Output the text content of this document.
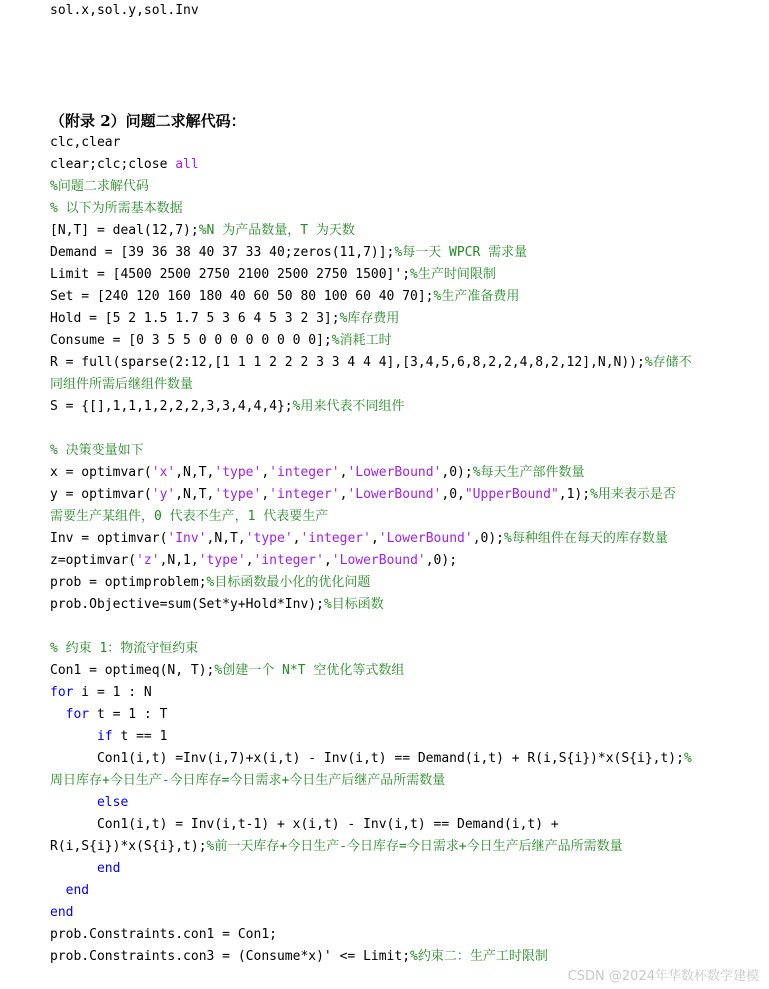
sol.x,sol.y,sol.Inv
（附录 2）问题二求解代码：
clc,clear
clear;clc;close all
%问题二求解代码
% 以下为所需基本数据
[N,T] = deal(12,7);%N 为产品数量，T 为天数
Demand = [39 36 38 40 37 33 40;zeros(11,7)];%每一天 WPCR 需求量
Limit = [4500 2500 2750 2100 2500 2750 1500]';%生产时间限制
Set = [240 120 160 180 40 60 50 80 100 60 40 70];%生产准备费用
Hold = [5 2 1.5 1.7 5 3 6 4 5 3 2 3];%库存费用
Consume = [0 3 5 5 0 0 0 0 0 0 0 0];%消耗工时
R = full(sparse(2:12,[1 1 1 2 2 2 3 3 4 4 4],[3,4,5,6,8,2,2,4,8,2,12],N,N));%存储不
同组件所需后继组件数量
S = {[],1,1,1,2,2,2,3,3,4,4,4};%用来代表不同组件
% 决策变量如下
x = optimvar('x',N,T,'type','integer','LowerBound',0);%每天生产部件数量
y = optimvar('y',N,T,'type','integer','LowerBound',0,"UpperBound",1);%用来表示是否
需要生产某组件，0 代表不生产，1 代表要生产
Inv = optimvar('Inv',N,T,'type','integer','LowerBound',0);%每种组件在每天的库存数量
z=optimvar('z',N,1,'type','integer','LowerBound',0);
prob = optimproblem;%目标函数最小化的优化问题
prob.Objective=sum(Set*y+Hold*Inv);%目标函数
% 约束 1：物流守恒约束
Con1 = optimeq(N, T);%创建一个 N*T 空优化等式数组
for i = 1 : N
for t = 1 : T
if t == 1
Con1(i,t) =Inv(i,7)+x(i,t) - Inv(i,t) == Demand(i,t) + R(i,S{i})*x(S{i},t);%
周日库存+今日生产-今日库存=今日需求+今日生产后继产品所需数量
else
Con1(i,t) = Inv(i,t-1) + x(i,t) - Inv(i,t) == Demand(i,t) +
R(i,S{i})*x(S{i},t);%前一天库存+今日生产-今日库存=今日需求+今日生产后继产品所需数量
end
end
end
prob.Constraints.con1 = Con1;
prob.Constraints.con3 = (Consume*x)' <= Limit;%约束二：生产工时限制
CSDN @2024年华数杯数学建模
